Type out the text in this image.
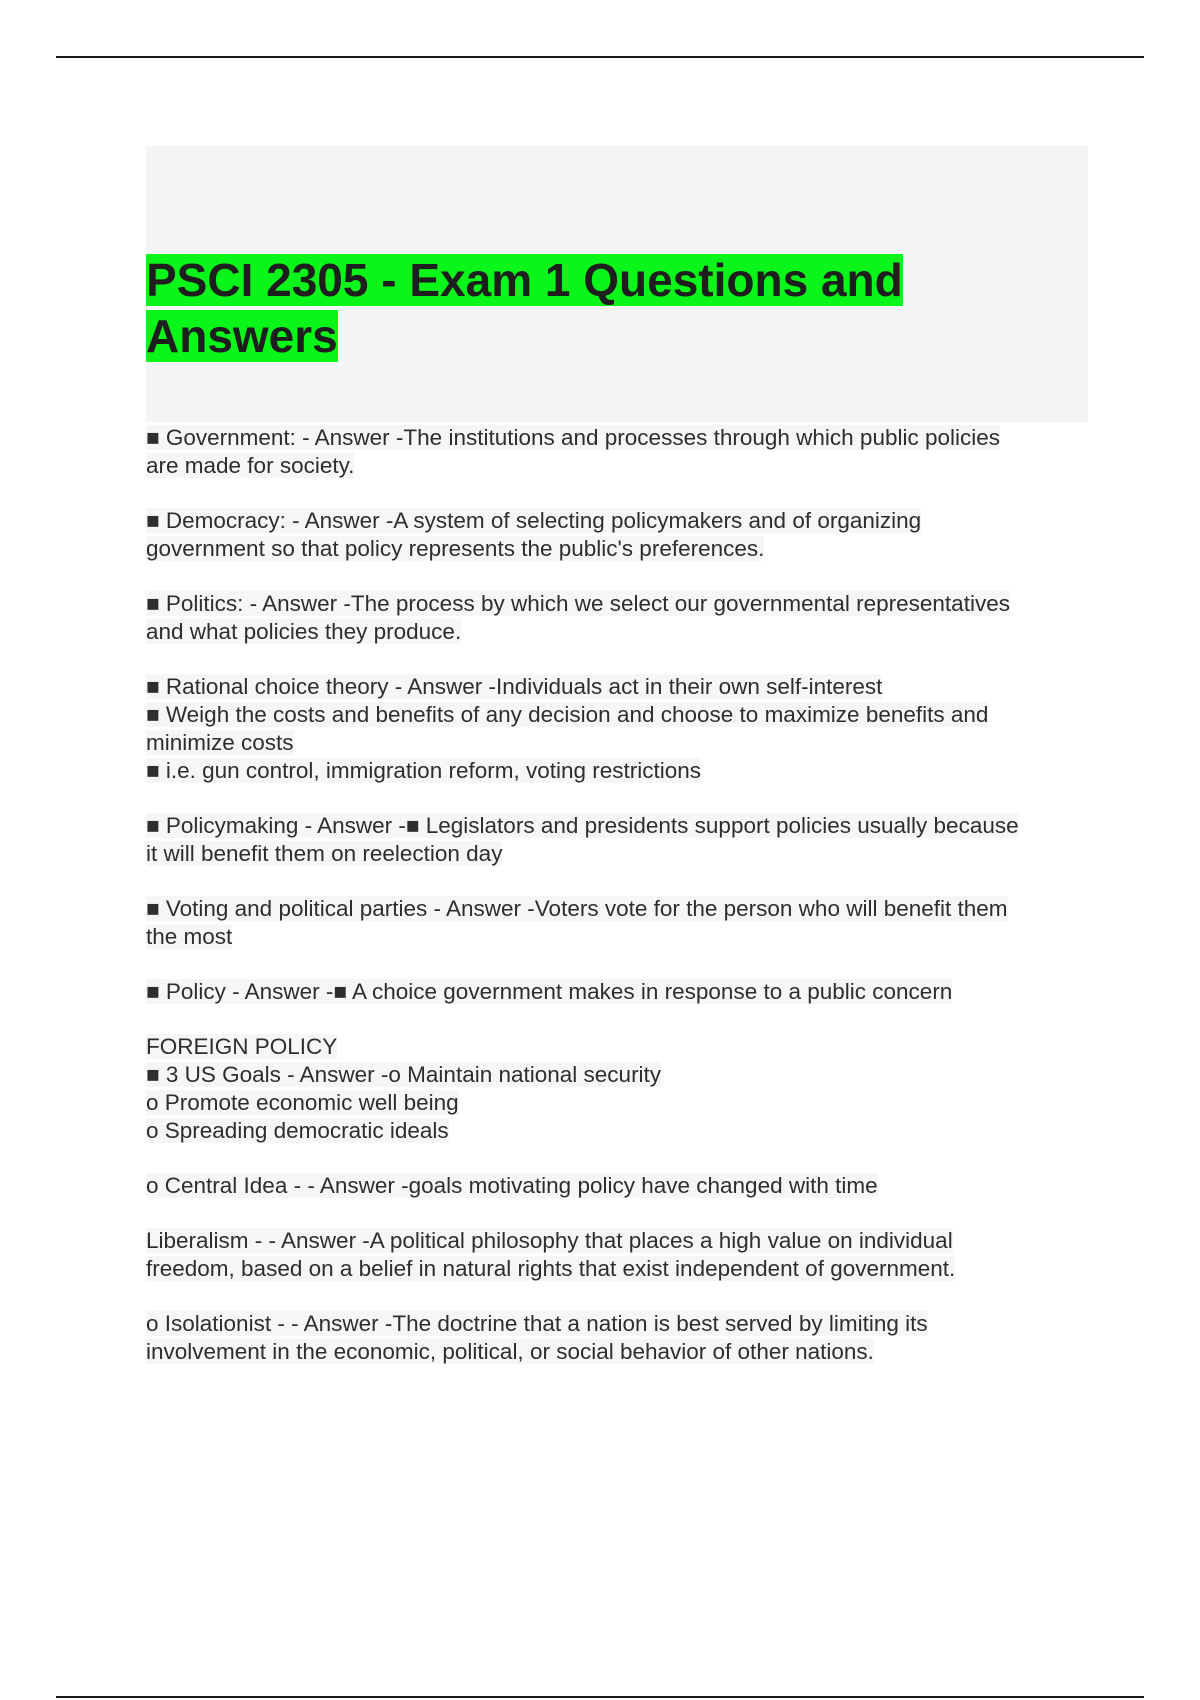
PSCI 2305 - Exam 1 Questions and
Answers
■ Government: - Answer -The institutions and processes through which public policies
are made for society.
■ Democracy: - Answer -A system of selecting policymakers and of organizing
government so that policy represents the public's preferences.
■ Politics: - Answer -The process by which we select our governmental representatives
and what policies they produce.
■ Rational choice theory - Answer -Individuals act in their own self-interest
■ Weigh the costs and benefits of any decision and choose to maximize benefits and
minimize costs
■ i.e. gun control, immigration reform, voting restrictions
■ Policymaking - Answer -■ Legislators and presidents support policies usually because
it will benefit them on reelection day
■ Voting and political parties - Answer -Voters vote for the person who will benefit them
the most
■ Policy - Answer -■ A choice government makes in response to a public concern
FOREIGN POLICY
■ 3 US Goals - Answer -o Maintain national security
o Promote economic well being
o Spreading democratic ideals
o Central Idea - - Answer -goals motivating policy have changed with time
Liberalism - - Answer -A political philosophy that places a high value on individual
freedom, based on a belief in natural rights that exist independent of government.
o Isolationist - - Answer -The doctrine that a nation is best served by limiting its
involvement in the economic, political, or social behavior of other nations.
